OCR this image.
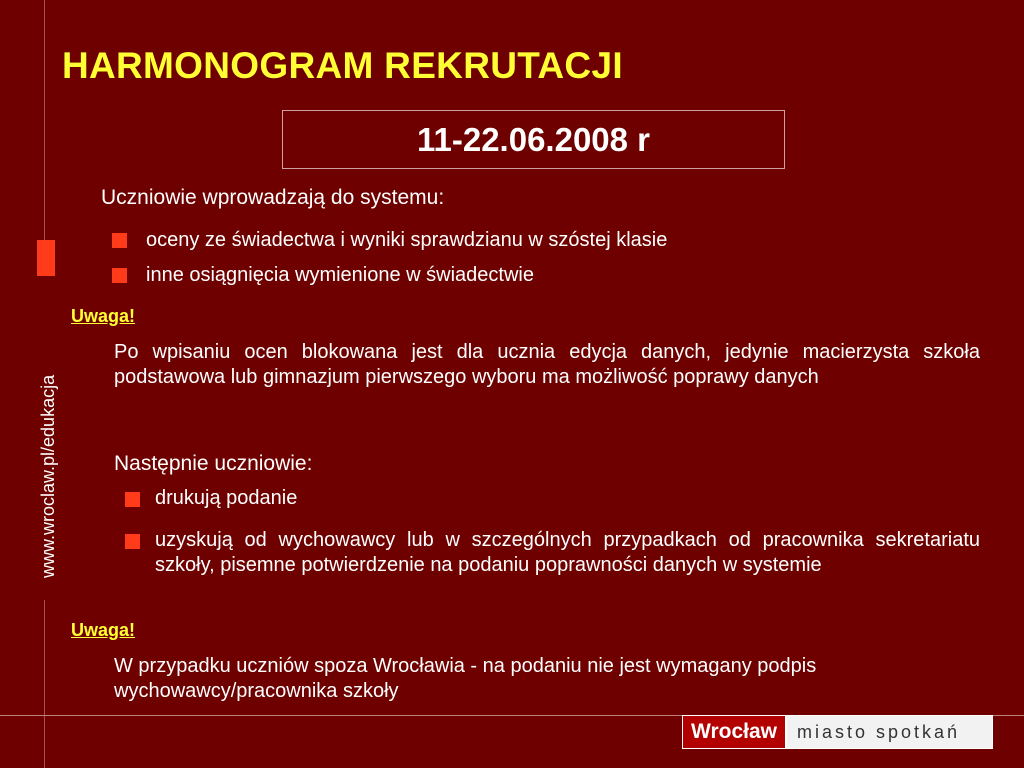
www.wroclaw.pl/edukacja
HARMONOGRAM REKRUTACJI
11-22.06.2008 r
Uczniowie wprowadzają do systemu:
oceny ze świadectwa i wyniki sprawdzianu w szóstej klasie
inne osiągnięcia wymienione w świadectwie
Uwaga!
Po wpisaniu ocen blokowana jest dla ucznia edycja danych, jedynie macierzysta szkoła podstawowa lub gimnazjum pierwszego wyboru ma możliwość poprawy danych
Następnie uczniowie:
drukują podanie
uzyskują od wychowawcy lub w szczególnych przypadkach od pracownika sekretariatu szkoły, pisemne potwierdzenie na podaniu poprawności danych w systemie
Uwaga!
W przypadku uczniów spoza Wrocławia - na podaniu nie jest wymagany podpis wychowawcy/pracownika szkoły
Wrocław	miasto spotkań
